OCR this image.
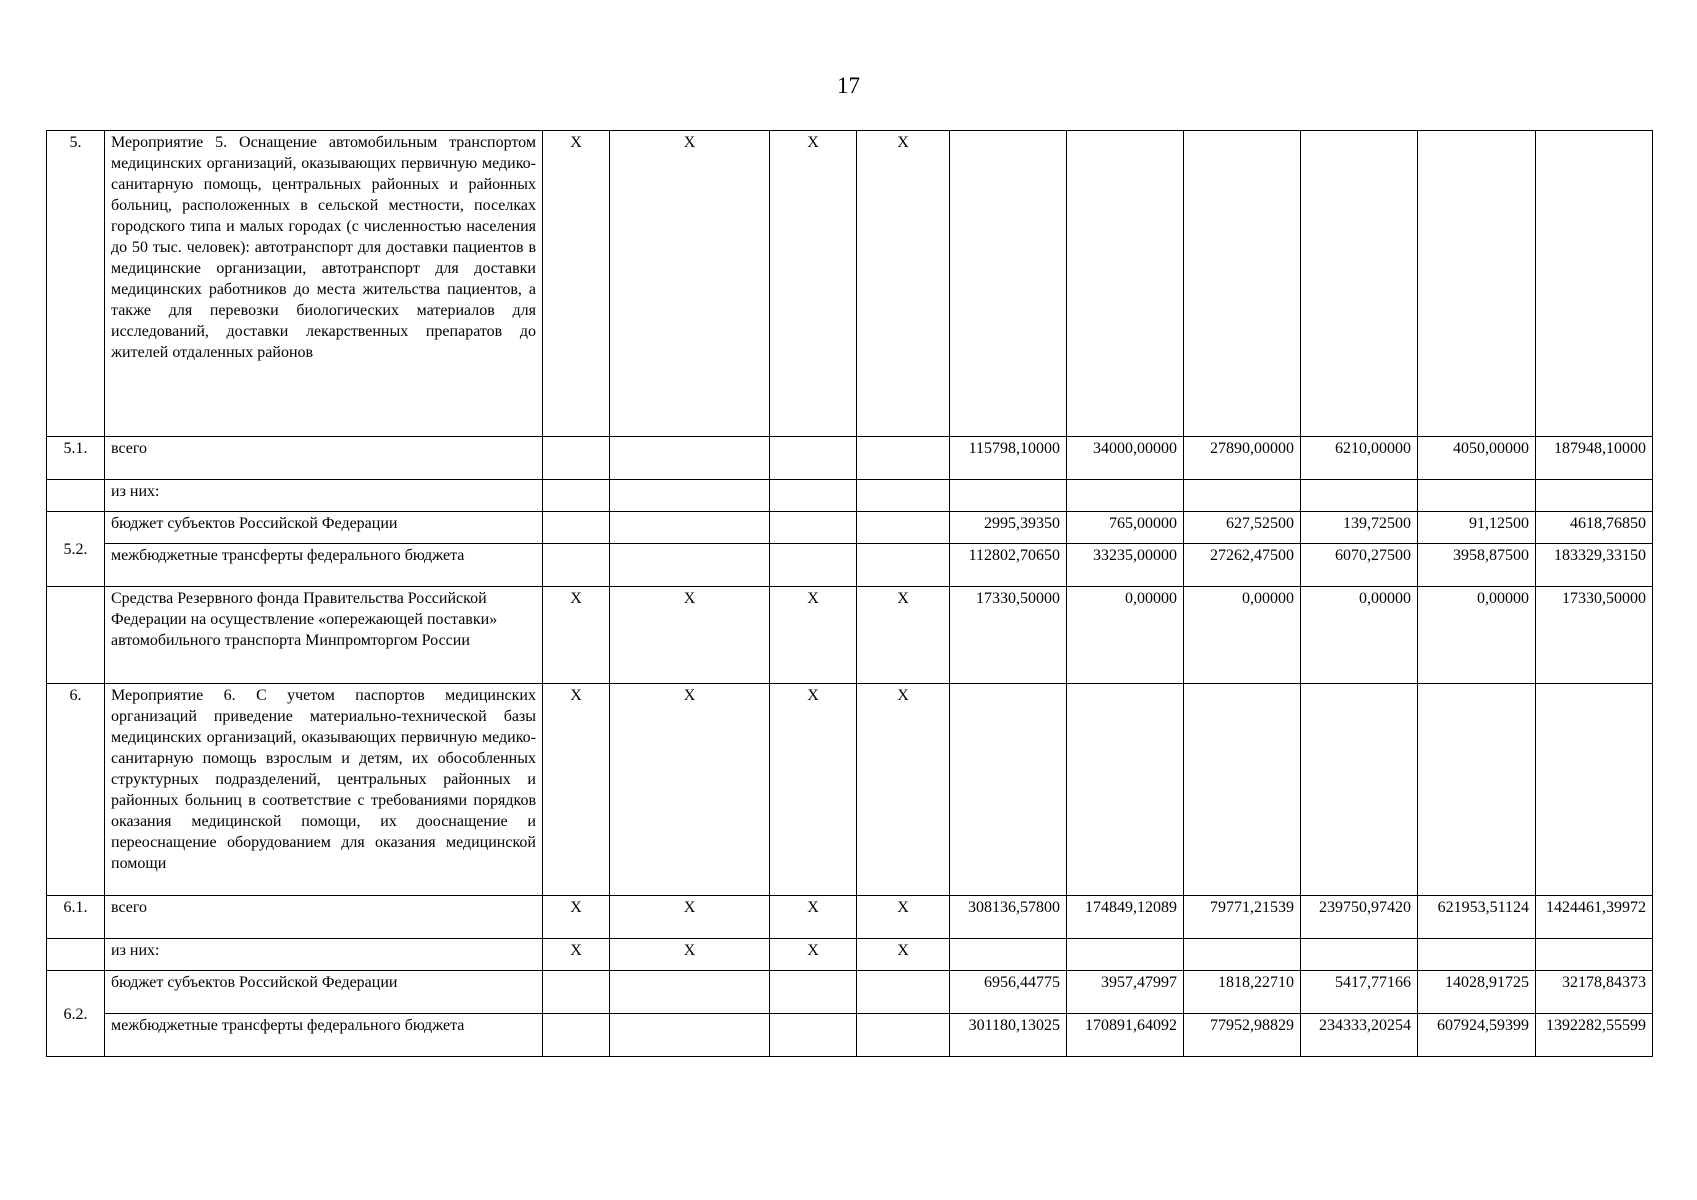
17
5.	Мероприятие 5. Оснащение автомобильным транспортом медицинских организаций, оказывающих первичную медико-санитарную помощь, центральных районных и районных больниц, расположенных в сельской местности, поселках городского типа и малых городах (с численностью населения до 50 тыс. человек): автотранспорт для доставки пациентов в медицинские организации, автотранспорт для доставки медицинских работников до места жительства пациентов, а также для перевозки биологических материалов для исследований, доставки лекарственных препаратов до жителей отдаленных районов	X	X	X	X						
5.1.	всего					115798,10000	34000,00000	27890,00000	6210,00000	4050,00000	187948,10000
	из них:										
5.2.	бюджет субъектов Российской Федерации					2995,39350	765,00000	627,52500	139,72500	91,12500	4618,76850
	межбюджетные трансферты федерального бюджета					112802,70650	33235,00000	27262,47500	6070,27500	3958,87500	183329,33150
	Средства Резервного фонда Правительства Российской Федерации на осуществление «опережающей поставки» автомобильного транспорта Минпромторгом России	X	X	X	X	17330,50000	0,00000	0,00000	0,00000	0,00000	17330,50000
6.	Мероприятие 6. С учетом паспортов медицинских организаций приведение материально-технической базы медицинских организаций, оказывающих первичную медико-санитарную помощь взрослым и детям, их обособленных структурных подразделений, центральных районных и районных больниц в соответствие с требованиями порядков оказания медицинской помощи, их дооснащение и переоснащение оборудованием для оказания медицинской помощи	X	X	X	X						
6.1.	всего	X	X	X	X	308136,57800	174849,12089	79771,21539	239750,97420	621953,51124	1424461,39972
	из них:	X	X	X	X						
6.2.	бюджет субъектов Российской Федерации					6956,44775	3957,47997	1818,22710	5417,77166	14028,91725	32178,84373
	межбюджетные трансферты федерального бюджета					301180,13025	170891,64092	77952,98829	234333,20254	607924,59399	1392282,55599
